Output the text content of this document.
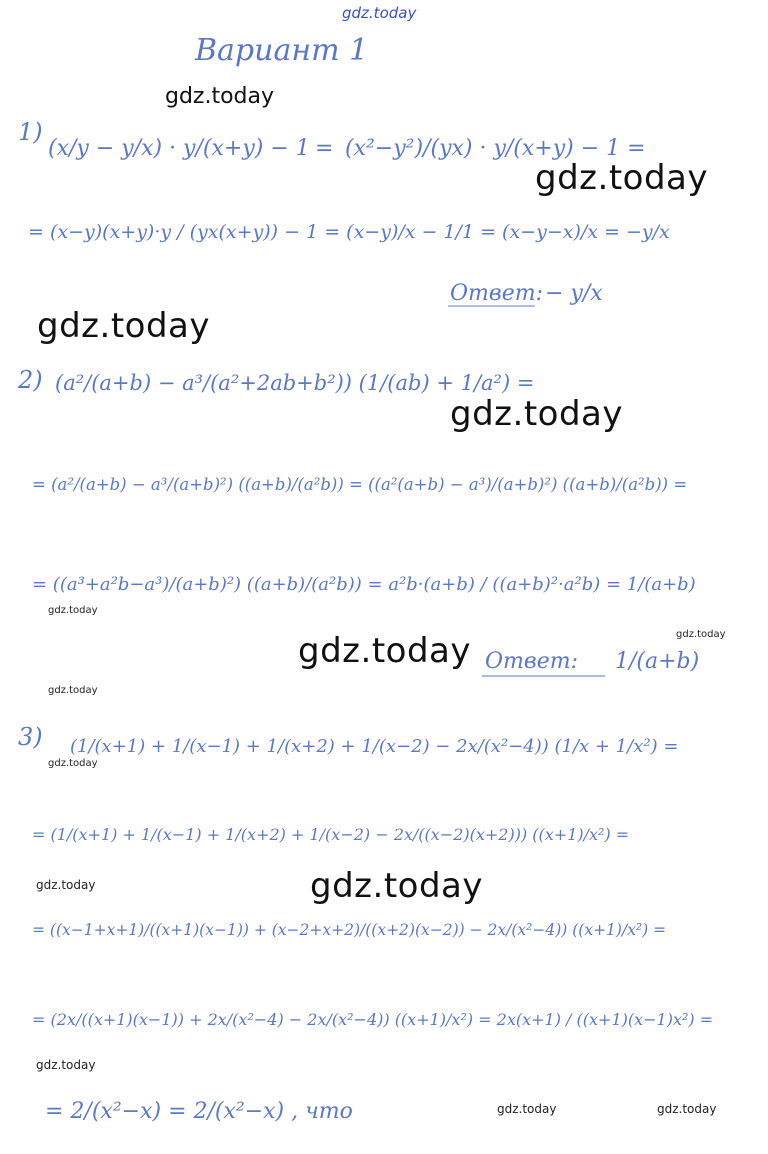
Вариант 1
1)
(x/y − y/x) · y/(x+y) − 1 = (x²−y²)/(yx) · y/(x+y) − 1 =
= (x−y)(x+y)·y / (yx(x+y)) − 1 = (x−y)/x − 1/1 = (x−y−x)/x = −y/x
Ответ: − y/x
2) (a²/(a+b) − a³/(a²+2ab+b²)) (1/(ab) + 1/a²) =
= (a²/(a+b) − a³/(a+b)²) ((a+b)/(a²b)) = ((a²(a+b) − a³)/(a+b)²) ((a+b)/(a²b)) =
= ((a³+a²b−a³)/(a+b)²) ((a+b)/(a²b)) = a²b·(a+b) / ((a+b)²·a²b) = 1/(a+b)
Ответ: 1/(a+b)
3) (1/(x+1) + 1/(x−1) + 1/(x+2) + 1/(x−2) − 2x/(x²−4)) (1/x + 1/x²) =
= (1/(x+1) + 1/(x−1) + 1/(x+2) + 1/(x−2) − 2x/((x−2)(x+2))) ((x+1)/x²) =
= ((x−1+x+1)/((x+1)(x−1)) + (x−2+x+2)/((x+2)(x−2)) − 2x/(x²−4)) ((x+1)/x²) =
= (2x/((x+1)(x−1)) + 2x/(x²−4) − 2x/(x²−4)) ((x+1)/x²) = 2x(x+1) / ((x+1)(x−1)x²) =
= 2/(x²−x) = 2/(x²−x) , что
gdz.today
gdz.today
gdz.today
gdz.today
gdz.today
gdz.today
gdz.today
gdz.today
gdz.today
gdz.today
gdz.today
gdz.today
gdz.today
gdz.today	gdz.today
